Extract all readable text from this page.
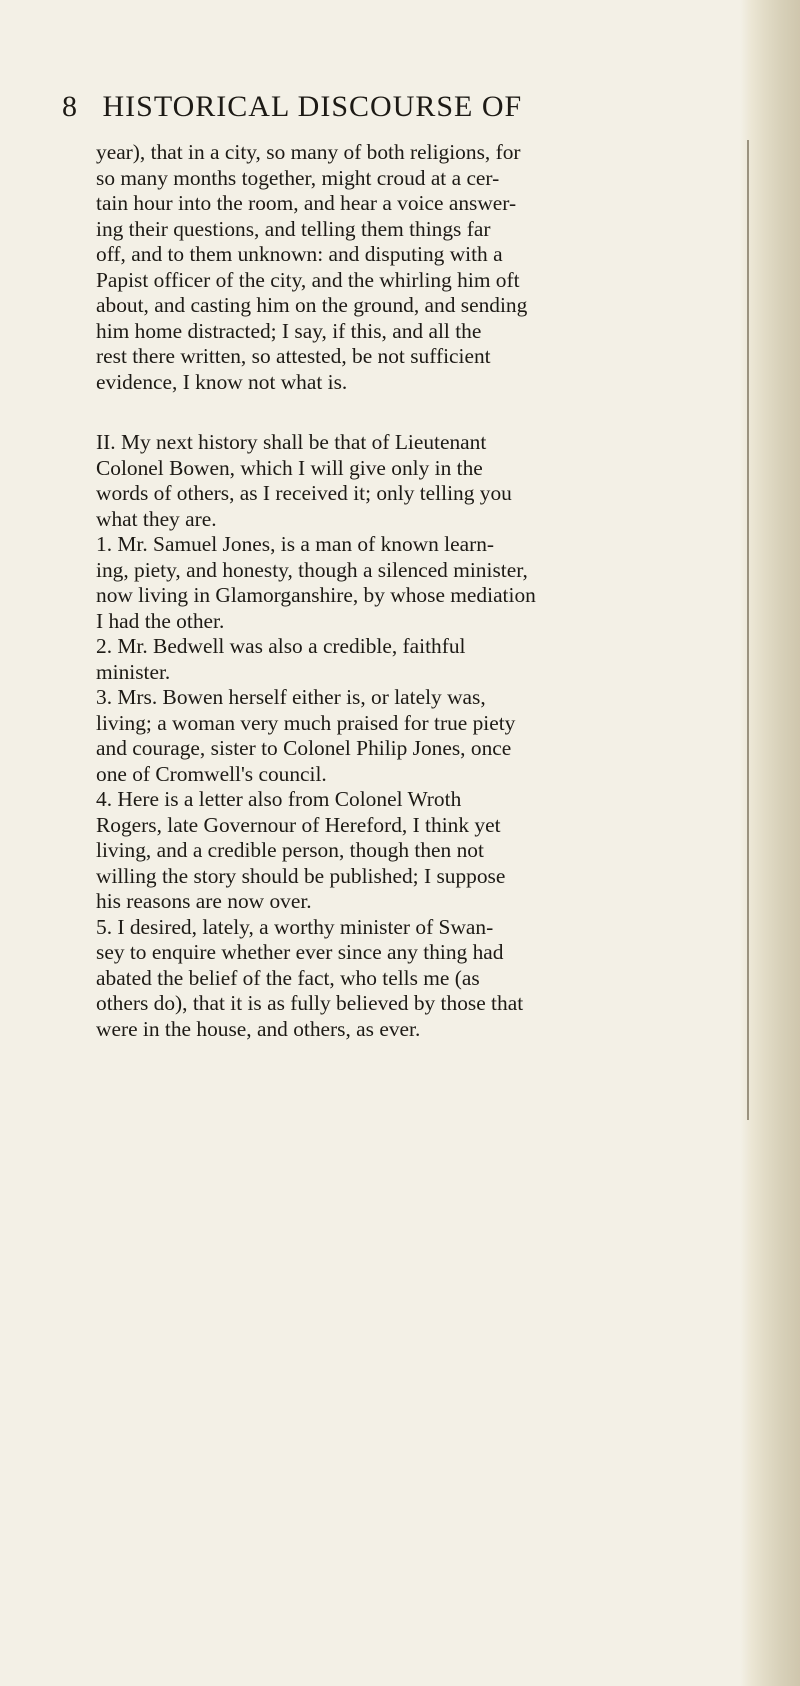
8 HISTORICAL DISCOURSE OF
year), that in a city, so many of both religions, for
so many months together, might croud at a cer-
tain hour into the room, and hear a voice answer-
ing their questions, and telling them things far
off, and to them unknown: and disputing with a
Papist officer of the city, and the whirling him oft
about, and casting him on the ground, and sending
him home distracted; I say, if this, and all the
rest there written, so attested, be not sufficient
evidence, I know not what is.
II. My next history shall be that of Lieutenant
Colonel Bowen, which I will give only in the
words of others, as I received it; only telling you
what they are.
1. Mr. Samuel Jones, is a man of known learn-
ing, piety, and honesty, though a silenced minister,
now living in Glamorganshire, by whose mediation
I had the other.
2. Mr. Bedwell was also a credible, faithful
minister.
3. Mrs. Bowen herself either is, or lately was,
living; a woman very much praised for true piety
and courage, sister to Colonel Philip Jones, once
one of Cromwell's council.
4. Here is a letter also from Colonel Wroth
Rogers, late Governour of Hereford, I think yet
living, and a credible person, though then not
willing the story should be published; I suppose
his reasons are now over.
5. I desired, lately, a worthy minister of Swan-
sey to enquire whether ever since any thing had
abated the belief of the fact, who tells me (as
others do), that it is as fully believed by those that
were in the house, and others, as ever.
